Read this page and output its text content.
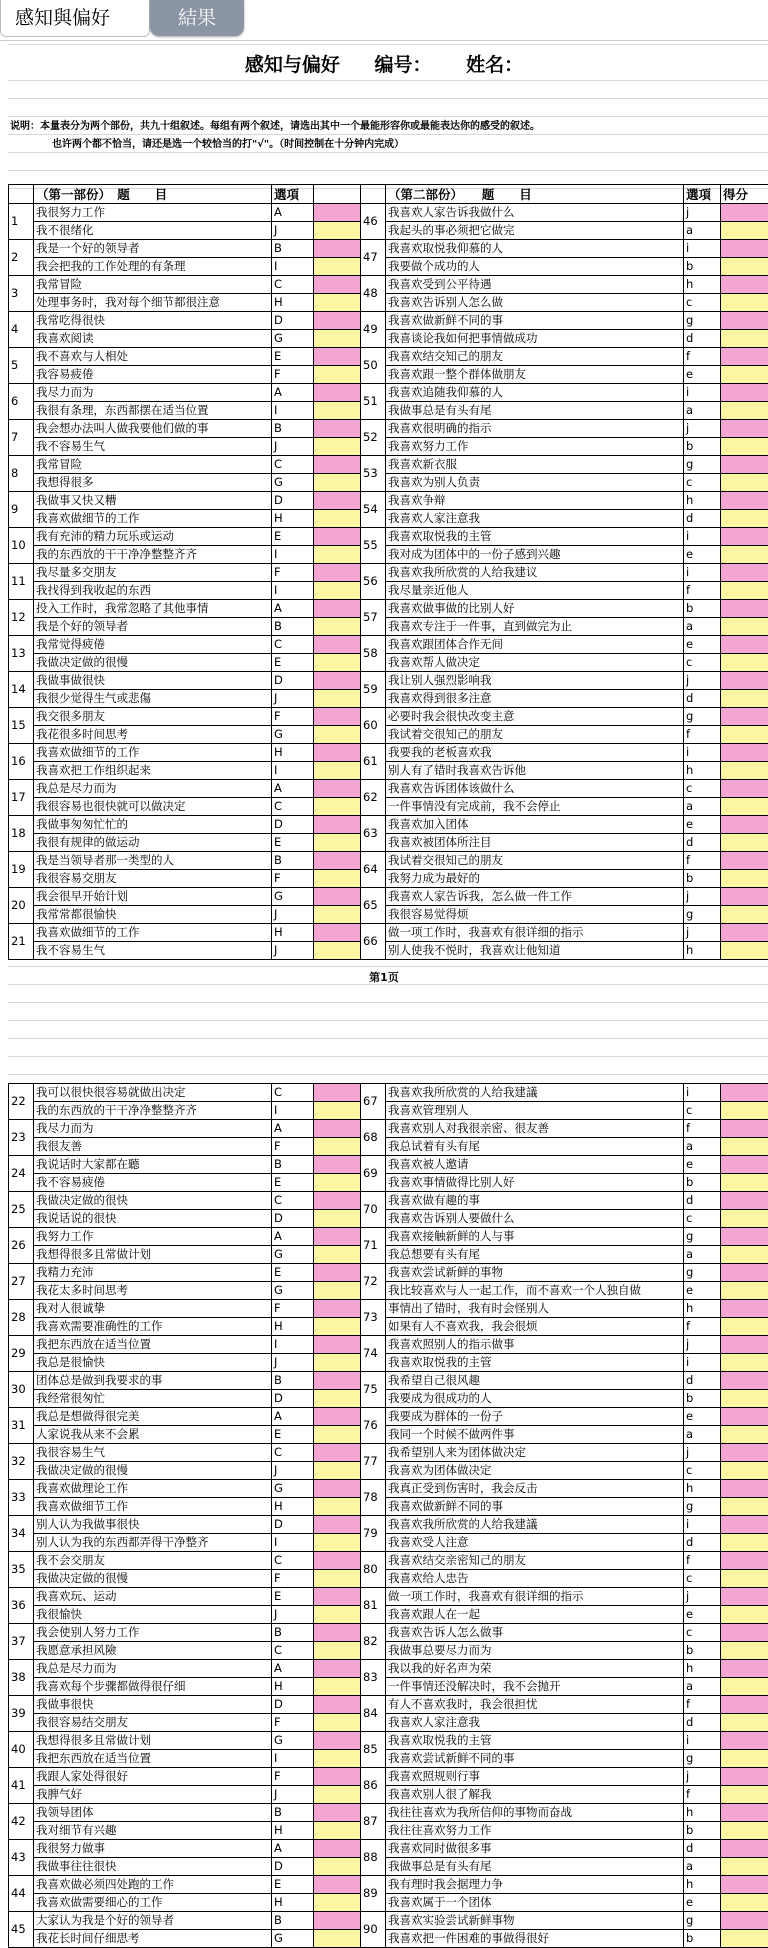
感知與偏好	結果
感知与偏好 编号： 姓名：
说明：本量表分为两个部份，共九十组叙述。每组有两个叙述，请选出其中一个最能形容你或最能表达你的感受的叙述。
也许两个都不恰当，请还是选一个较恰当的打"√"。（时间控制在十分钟内完成）
	（第一部份）　题　　目	選項			（第二部份）　　题　　目	選項	得分
1	我很努力工作	A		46	我喜欢人家告诉我做什么	j	
	我不很绪化	J			我起头的事必须把它做完	a	
2	我是一个好的领导者	B		47	我喜欢取悦我仰慕的人	i	
	我会把我的工作处理的有条理	I			我要做个成功的人	b	
3	我常冒险	C		48	我喜欢受到公平待遇	h	
	处理事务时，我对每个细节都很注意	H			我喜欢告诉别人怎么做	c	
4	我常吃得很快	D		49	我喜欢做新鲜不同的事	g	
	我喜欢阅读	G			我喜谈论我如何把事情做成功	d	
5	我不喜欢与人相处	E		50	我喜欢结交知己的朋友	f	
	我容易疲倦	F			我喜欢跟一整个群体做朋友	e	
6	我尽力而为	A		51	我喜欢追随我仰慕的人	i	
	我很有条理，东西都摆在适当位置	I			我做事总是有头有尾	a	
7	我会想办法叫人做我要他们做的事	B		52	我喜欢很明确的指示	j	
	我不容易生气	J			我喜欢努力工作	b	
8	我常冒险	C		53	我喜欢新衣服	g	
	我想得很多	G			我喜欢为别人负责	c	
9	我做事又快又糟	D		54	我喜欢争辩	h	
	我喜欢做细节的工作	H			我喜欢人家注意我	d	
10	我有充沛的精力玩乐或运动	E		55	我喜欢取悦我的主管	i	
	我的东西放的干干净净整整齐齐	I			我对成为团体中的一份子感到兴趣	e	
11	我尽量多交朋友	F		56	我喜欢我所欣赏的人给我建议	i	
	我找得到我收起的东西	I			我尽量亲近他人	f	
12	投入工作时，我常忽略了其他事情	A		57	我喜欢做事做的比别人好	b	
	我是个好的领导者	B			我喜欢专注于一件事，直到做完为止	a	
13	我常觉得疲倦	C		58	我喜欢跟团体合作无间	e	
	我做决定做的很慢	E			我喜欢帮人做决定	c	
14	我做事做很快	D		59	我让别人强烈影响我	j	
	我很少觉得生气或悲傷	J			我喜欢得到很多注意	d	
15	我交很多朋友	F		60	必要时我会很快改变主意	g	
	我花很多时间思考	G			我试着交很知己的朋友	f	
16	我喜欢做细节的工作	H		61	我要我的老板喜欢我	i	
	我喜欢把工作组织起来	I			别人有了错时我喜欢告诉他	h	
17	我总是尽力而为	A		62	我喜欢告诉团体该做什么	c	
	我很容易也很快就可以做决定	C			一件事情没有完成前，我不会停止	a	
18	我做事匆匆忙忙的	D		63	我喜欢加入团体	e	
	我很有规律的做运动	E			我喜欢被团体所注目	d	
19	我是当领导者那一类型的人	B		64	我试着交很知己的朋友	f	
	我很容易交朋友	F			我努力成为最好的	b	
20	我会很早开始计划	G		65	我喜欢人家告诉我，怎么做一件工作	j	
	我常常都很愉快	J			我很容易觉得烦	g	
21	我喜欢做细节的工作	H		66	做一项工作时，我喜欢有很详细的指示	j	
	我不容易生气	J			别人使我不悦时，我喜欢让他知道	h	
第1页
22	我可以很快很容易就做出决定	C		67	我喜欢我所欣赏的人给我建議	i	
	我的东西放的干干净净整整齐齐	I			我喜欢管理别人	c	
23	我尽力而为	A		68	我喜欢别人对我很亲密、很友善	f	
	我很友善	F			我总试着有头有尾	a	
24	我说话时大家都在聽	B		69	我喜欢被人邀请	e	
	我不容易疲倦	E			我喜欢事情做得比别人好	b	
25	我做决定做的很快	C		70	我喜欢做有趣的事	d	
	我说话说的很快	D			我喜欢告诉别人要做什么	c	
26	我努力工作	A		71	我喜欢接触新鲜的人与事	g	
	我想得很多且常做计划	G			我总想要有头有尾	a	
27	我精力充沛	E		72	我喜欢尝试新鲜的事物	g	
	我花太多时间思考	G			我比较喜欢与人一起工作，而不喜欢一个人独自做	e	
28	我对人很诚挚	F		73	事情出了错时，我有时会怪别人	h	
	我喜欢需要准确性的工作	H			如果有人不喜欢我，我会很烦	f	
29	我把东西放在适当位置	I		74	我喜欢照别人的指示做事	j	
	我总是很愉快	J			我喜欢取悦我的主管	i	
30	团体总是做到我要求的事	B		75	我希望自己很风趣	d	
	我经常很匆忙	D			我要成为很成功的人	b	
31	我总是想做得很完美	A		76	我要成为群体的一份子	e	
	人家说我从来不会累	E			我同一个时候不做两件事	a	
32	我很容易生气	C		77	我希望别人来为团体做决定	j	
	我做决定做的很慢	J			我喜欢为团体做决定	c	
33	我喜欢做理论工作	G		78	我真正受到伤害时，我会反击	h	
	我喜欢做细节工作	H			我喜欢做新鲜不同的事	g	
34	别人认为我做事很快	D		79	我喜欢我所欣赏的人给我建議	i	
	别人认为我的东西都弄得干净整齐	I			我喜欢受人注意	d	
35	我不会交朋友	C		80	我喜欢结交亲密知己的朋友	f	
	我做决定做的很慢	F			我喜欢给人忠告	c	
36	我喜欢玩、运动	E		81	做一项工作时，我喜欢有很详细的指示	j	
	我很愉快	J			我喜欢跟人在一起	e	
37	我会使别人努力工作	B		82	我喜欢告诉人怎么做事	c	
	我愿意承担风險	C			我做事总要尽力而为	b	
38	我总是尽力而为	A		83	我以我的好名声为荣	h	
	我喜欢每个步骤都做得很仔细	H			一件事情还没解决时，我不会抛开	a	
39	我做事很快	D		84	有人不喜欢我时，我会很担忧	f	
	我很容易结交朋友	F			我喜欢人家注意我	d	
40	我想得很多且常做计划	G		85	我喜欢取悦我的主管	i	
	我把东西放在适当位置	I			我喜欢尝试新鲜不同的事	g	
41	我跟人家处得很好	F		86	我喜欢照规则行事	j	
	我脾气好	J			我喜欢别人很了解我	f	
42	我领导团体	B		87	我往往喜欢为我所信仰的事物而奋战	h	
	我对细节有兴趣	H			我往往喜欢努力工作	b	
43	我很努力做事	A		88	我喜欢同时做很多事	d	
	我做事往往很快	D			我做事总是有头有尾	a	
44	我喜欢做必须四处跑的工作	E		89	我有理时我会据理力争	h	
	我喜欢做需要细心的工作	H			我喜欢属于一个团体	e	
45	大家认为我是个好的领导者	B		90	我喜欢实验尝试新鲜事物	g	
	我花长时间仔细思考	G			我喜欢把一件困难的事做得很好	b	
